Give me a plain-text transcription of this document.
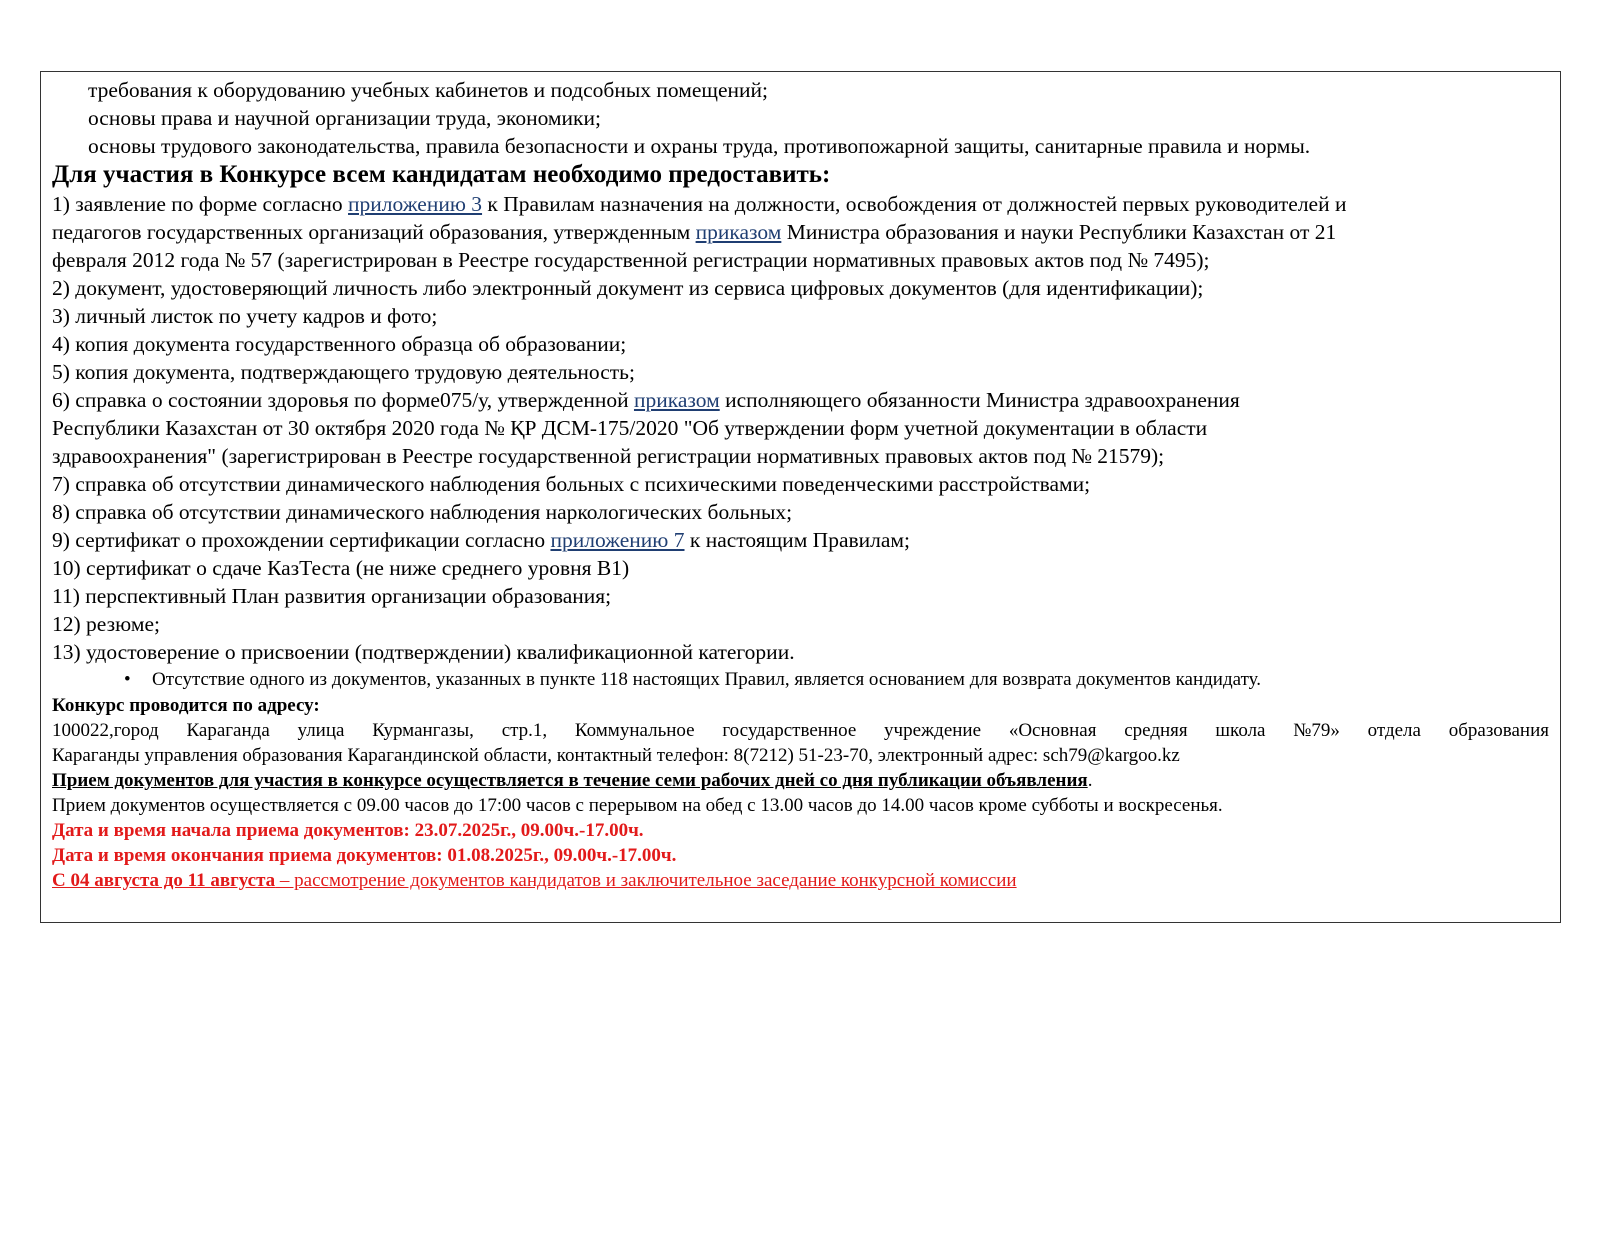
требования к оборудованию учебных кабинетов и подсобных помещений;

основы права и научной организации труда, экономики;

основы трудового законодательства, правила безопасности и охраны труда, противопожарной защиты, санитарные правила и нормы.

Для участия в Конкурсе всем кандидатам необходимо предоставить:

1) заявление по форме согласно приложению 3 к Правилам назначения на должности, освобождения от должностей первых руководителей и

педагогов государственных организаций образования, утвержденным приказом Министра образования и науки Республики Казахстан от 21

февраля 2012 года № 57 (зарегистрирован в Реестре государственной регистрации нормативных правовых актов под № 7495);

2) документ, удостоверяющий личность либо электронный документ из сервиса цифровых документов (для идентификации);

3) личный листок по учету кадров и фото;

4) копия документа государственного образца об образовании;

5) копия документа, подтверждающего трудовую деятельность;

6) справка о состоянии здоровья по форме075/у, утвержденной приказом исполняющего обязанности Министра здравоохранения

Республики Казахстан от 30 октября 2020 года № ҚР ДСМ-175/2020 "Об утверждении форм учетной документации в области

здравоохранения" (зарегистрирован в Реестре государственной регистрации нормативных правовых актов под № 21579);

7) справка об отсутствии динамического наблюдения больных с психическими поведенческими расстройствами;

8) справка об отсутствии динамического наблюдения наркологических больных;

9) сертификат о прохождении сертификации согласно приложению 7 к настоящим Правилам;

10) сертификат о сдаче КазТеста (не ниже среднего уровня B1)

11) перспективный План развития организации образования;

12) резюме;

13) удостоверение о присвоении (подтверждении) квалификационной категории.

• Отсутствие одного из документов, указанных в пункте 118 настоящих Правил, является основанием для возврата документов кандидату.

Конкурс проводится по адресу:

100022,город Караганда улица Курмангазы, стр.1, Коммунальное государственное учреждение «Основная средняя школа №79» отдела образования

Караганды управления образования Карагандинской области, контактный телефон: 8(7212) 51-23-70, электронный адрес: sch79@kargoo.kz

Прием документов для участия в конкурсе осуществляется в течение семи рабочих дней со дня публикации объявления.

Прием документов осуществляется с 09.00 часов до 17:00 часов с перерывом на обед с 13.00 часов до 14.00 часов кроме субботы и воскресенья.

Дата и время начала приема документов: 23.07.2025г., 09.00ч.-17.00ч.

Дата и время окончания приема документов: 01.08.2025г., 09.00ч.-17.00ч.

С 04 августа до 11 августа – рассмотрение документов кандидатов и заключительное заседание конкурсной комиссии
